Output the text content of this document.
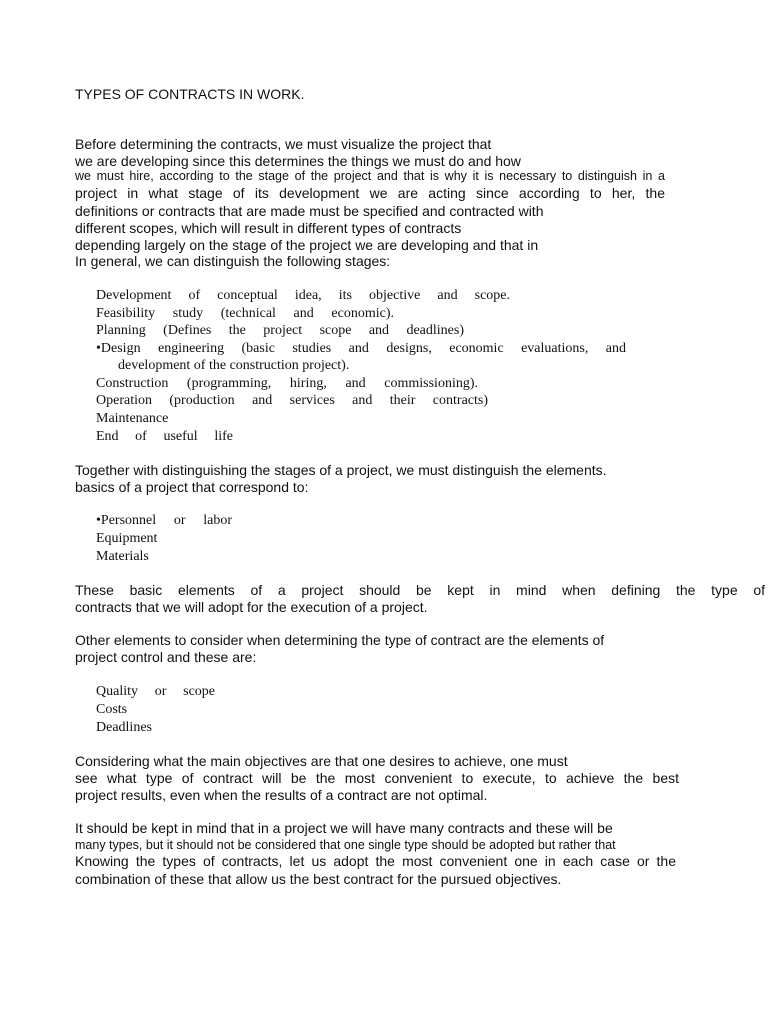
TYPES OF CONTRACTS IN WORK.
Before determining the contracts, we must visualize the project that
we are developing since this determines the things we must do and how
we must hire, according to the stage of the project and that is why it is necessary to distinguish in a
project in what stage of its development we are acting since according to her, the
definitions or contracts that are made must be specified and contracted with
different scopes, which will result in different types of contracts
depending largely on the stage of the project we are developing and that in
In general, we can distinguish the following stages:
Development of conceptual idea, its objective and scope.
Feasibility study (technical and economic).
Planning (Defines the project scope and deadlines)
•Design engineering (basic studies and designs, economic evaluations, and
development of the construction project).
Construction (programming, hiring, and commissioning).
Operation (production and services and their contracts)
Maintenance
End of useful life
Together with distinguishing the stages of a project, we must distinguish the elements.
basics of a project that correspond to:
•Personnel or labor
Equipment
Materials
These basic elements of a project should be kept in mind when defining the type of
contracts that we will adopt for the execution of a project.
Other elements to consider when determining the type of contract are the elements of
project control and these are:
Quality or scope
Costs
Deadlines
Considering what the main objectives are that one desires to achieve, one must
see what type of contract will be the most convenient to execute, to achieve the best
project results, even when the results of a contract are not optimal.
It should be kept in mind that in a project we will have many contracts and these will be
many types, but it should not be considered that one single type should be adopted but rather that
Knowing the types of contracts, let us adopt the most convenient one in each case or the
combination of these that allow us the best contract for the pursued objectives.
